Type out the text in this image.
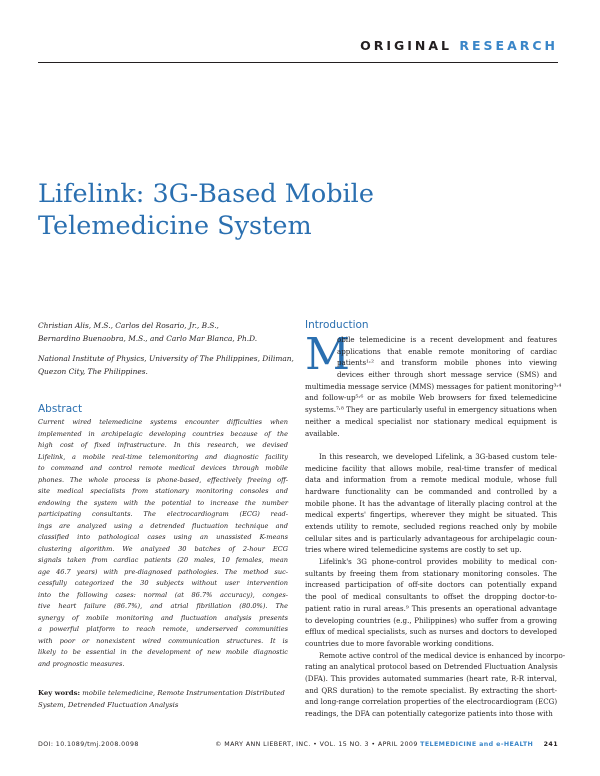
ORIGINAL RESEARCH
Lifelink: 3G-Based Mobile
Telemedicine System
Christian Alis, M.S., Carlos del Rosario, Jr., B.S.,
Bernardino Buenaobra, M.S., and Carlo Mar Blanca, Ph.D.
National Institute of Physics, University of The Philippines, Diliman,
Quezon City, The Philippines.
Abstract
Current wired telemedicine systems encounter difficulties when
implemented in archipelagic developing countries because of the
high cost of fixed infrastructure. In this research, we devised
Lifelink, a mobile real-time telemonitoring and diagnostic facility
to command and control remote medical devices through mobile
phones. The whole process is phone-based, effectively freeing off-
site medical specialists from stationary monitoring consoles and
endowing the system with the potential to increase the number
participating consultants. The electrocardiogram (ECG) read-
ings are analyzed using a detrended fluctuation technique and
classified into pathological cases using an unassisted K-means
clustering algorithm. We analyzed 30 batches of 2-hour ECG
signals taken from cardiac patients (20 males, 10 females, mean
age 46.7 years) with pre-diagnosed pathologies. The method suc-
cessfully categorized the 30 subjects without user intervention
into the following cases: normal (at 86.7% accuracy), conges-
tive heart failure (86.7%), and atrial fibrillation (80.0%). The
synergy of mobile monitoring and fluctuation analysis presents
a powerful platform to reach remote, underserved communities
with poor or nonexistent wired communication structures. It is
likely to be essential in the development of new mobile diagnostic
and prognostic measures.
Key words: mobile telemedicine, Remote Instrumentation Distributed
System, Detrended Fluctuation Analysis
Introduction
M
obile telemedicine is a recent development and features
applications that enable remote monitoring of cardiac
patients¹˒² and transform mobile phones into viewing
devices either through short message service (SMS) and
multimedia message service (MMS) messages for patient monitoring³˒⁴
and follow-up⁵˒⁶ or as mobile Web browsers for fixed telemedicine
systems.⁷˒⁸ They are particularly useful in emergency situations when
neither a medical specialist nor stationary medical equipment is
available.
In this research, we developed Lifelink, a 3G-based custom tele-
medicine facility that allows mobile, real-time transfer of medical
data and information from a remote medical module, whose full
hardware functionality can be commanded and controlled by a
mobile phone. It has the advantage of literally placing control at the
medical experts' fingertips, wherever they might be situated. This
extends utility to remote, secluded regions reached only by mobile
cellular sites and is particularly advantageous for archipelagic coun-
tries where wired telemedicine systems are costly to set up.
Lifelink's 3G phone-control provides mobility to medical con-
sultants by freeing them from stationary monitoring consoles. The
increased participation of off-site doctors can potentially expand
the pool of medical consultants to offset the dropping doctor-to-
patient ratio in rural areas.⁹ This presents an operational advantage
to developing countries (e.g., Philippines) who suffer from a growing
efflux of medical specialists, such as nurses and doctors to developed
countries due to more favorable working conditions.
Remote active control of the medical device is enhanced by incorpo-
rating an analytical protocol based on Detrended Fluctuation Analysis
(DFA). This provides automated summaries (heart rate, R-R interval,
and QRS duration) to the remote specialist. By extracting the short-
and long-range correlation properties of the electrocardiogram (ECG)
readings, the DFA can potentially categorize patients into those with
DOI: 10.1089/tmj.2008.0098	© MARY ANN LIEBERT, INC. • VOL. 15 NO. 3 • APRIL 2009 TELEMEDICINE and e-HEALTH 241
